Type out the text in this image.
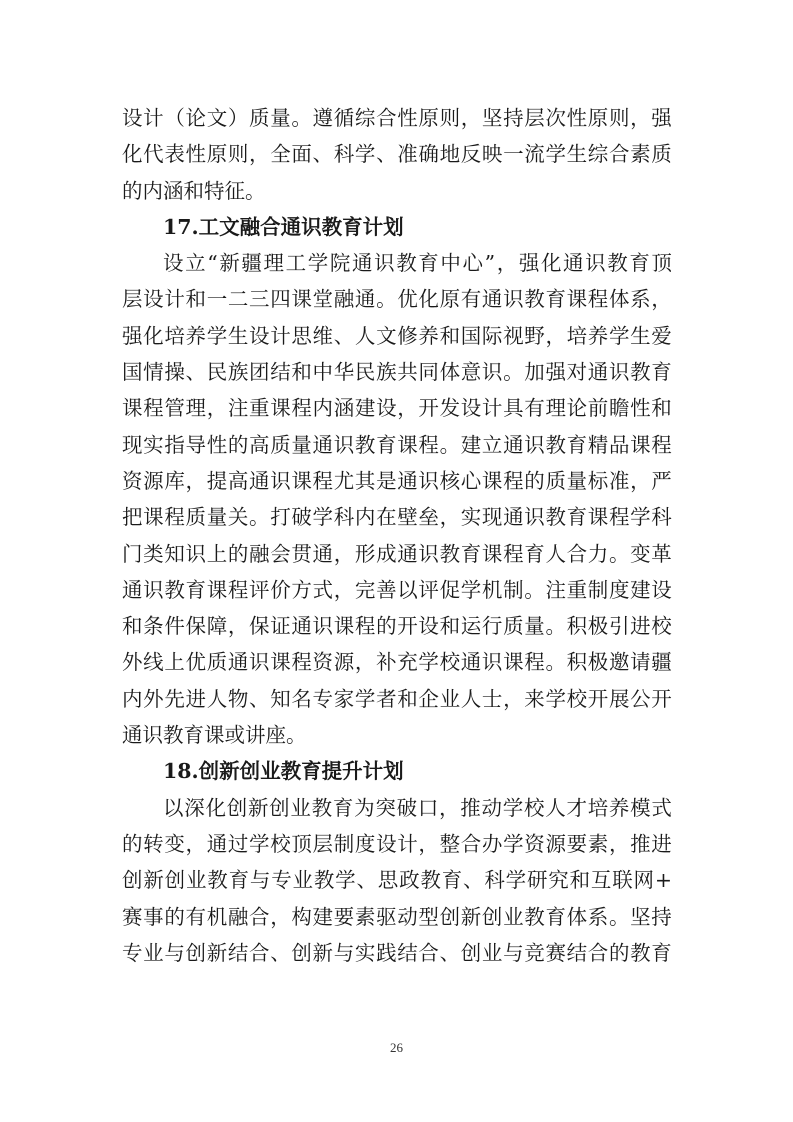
设 计 （ 论 文 ） 质 量 。 遵 循 综 合 性 原 则 ， 坚 持 层 次 性 原 则 ， 强
化 代 表 性 原 则 ， 全 面 、 科 学 、 准 确 地 反 映 一 流 学 生 综 合 素 质
的内涵和特征。
17.工文融合通识教育计划
设 立 “ 新 疆 理 工 学 院 通 识 教 育 中 心 ” ， 强 化 通 识 教 育 顶
层 设 计 和 一 二 三 四 课 堂 融 通 。 优 化 原 有 通 识 教 育 课 程 体 系 ，
强 化 培 养 学 生 设 计 思 维 、 人 文 修 养 和 国 际 视 野 ， 培 养 学 生 爱
国 情 操 、 民 族 团 结 和 中 华 民 族 共 同 体 意 识 。 加 强 对 通 识 教 育
课 程 管 理 ， 注 重 课 程 内 涵 建 设 ， 开 发 设 计 具 有 理 论 前 瞻 性 和
现 实 指 导 性 的 高 质 量 通 识 教 育 课 程 。 建 立 通 识 教 育 精 品 课 程
资 源 库 ， 提 高 通 识 课 程 尤 其 是 通 识 核 心 课 程 的 质 量 标 准 ， 严
把 课 程 质 量 关 。 打 破 学 科 内 在 壁 垒 ， 实 现 通 识 教 育 课 程 学 科
门 类 知 识 上 的 融 会 贯 通 ， 形 成 通 识 教 育 课 程 育 人 合 力 。 变 革
通 识 教 育 课 程 评 价 方 式 ， 完 善 以 评 促 学 机 制 。 注 重 制 度 建 设
和 条 件 保 障 ， 保 证 通 识 课 程 的 开 设 和 运 行 质 量 。 积 极 引 进 校
外 线 上 优 质 通 识 课 程 资 源 ， 补 充 学 校 通 识 课 程 。 积 极 邀 请 疆
内 外 先 进 人 物 、 知 名 专 家 学 者 和 企 业 人 士 ， 来 学 校 开 展 公 开
通识教育课或讲座。
18.创新创业教育提升计划
以 深 化 创 新 创 业 教 育 为 突 破 口 ， 推 动 学 校 人 才 培 养 模 式
的 转 变 ， 通 过 学 校 顶 层 制 度 设 计 ， 整 合 办 学 资 源 要 素 ， 推 进
创 新 创 业 教 育 与 专 业 教 学 、 思 政 教 育 、 科 学 研 究 和 互 联 网 +
赛 事 的 有 机 融 合 ， 构 建 要 素 驱 动 型 创 新 创 业 教 育 体 系 。 坚 持
专 业 与 创 新 结 合 、 创 新 与 实 践 结 合 、 创 业 与 竞 赛 结 合 的 教 育
26
